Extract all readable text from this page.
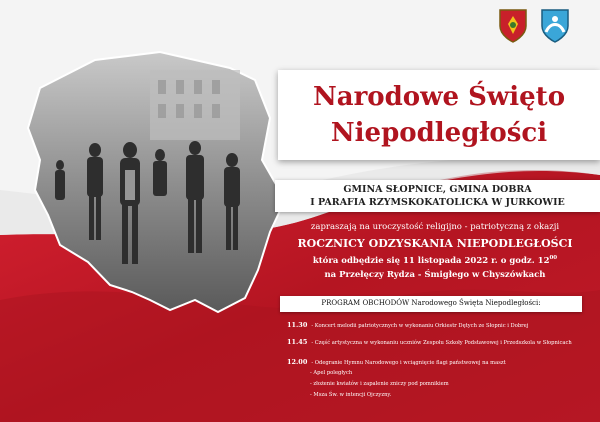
Narodowe Święto
Niepodległości
GMINA SŁOPNICE, GMINA DOBRA
I PARAFIA RZYMSKOKATOLICKA W JURKOWIE
zapraszają na uroczystość religijno - patriotyczną z okazji
ROCZNICY ODZYSKANIA NIEPODLEGŁOŚCI
która odbędzie się 11 listopada 2022 r. o godz. $12^{00}$
na Przełęczy Rydza - Śmigłego w Chyszówkach
PROGRAM OBCHODÓW Narodowego Święta Niepodległości:
11.30 - Koncert melodii patriotycznych w wykonaniu Orkiestr Dętych ze Słopnic i Dobrej
11.45 - Część artystyczna w wykonaniu uczniów Zespołu Szkoły Podstawowej i Przedszkola w Słopnicach
12.00 - Odegranie Hymnu Narodowego i wciągnięcie flagi państwowej na maszt
- Apel poległych
- złożenie kwiatów i zapalenie zniczy pod pomnikiem
- Msza Św. w intencji Ojczyzny.
